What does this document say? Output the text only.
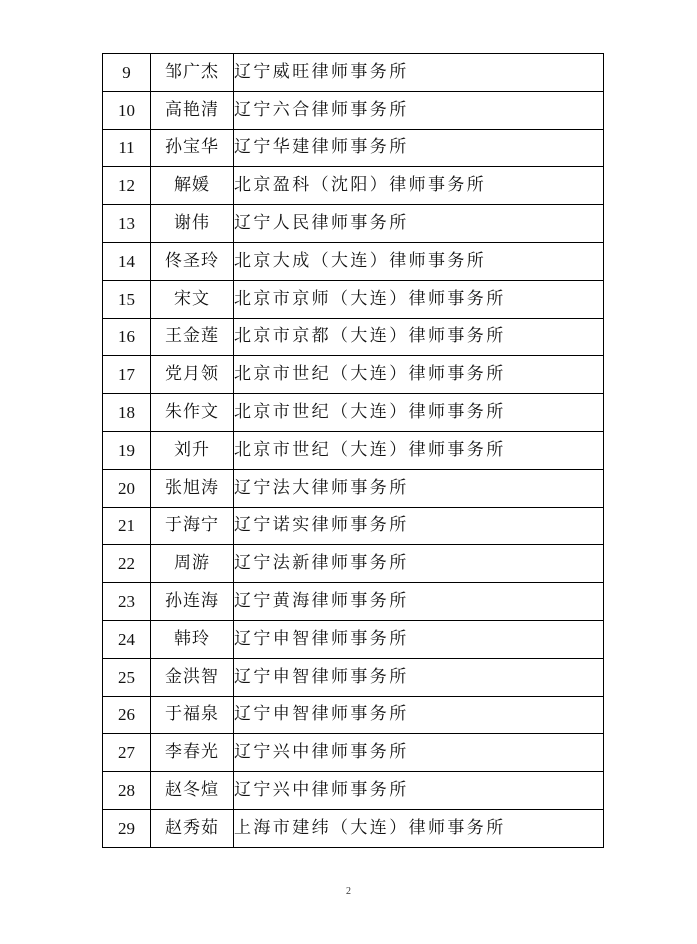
9	邹广杰	辽宁威旺律师事务所
10	高艳清	辽宁六合律师事务所
11	孙宝华	辽宁华建律师事务所
12	解媛	北京盈科（沈阳）律师事务所
13	谢伟	辽宁人民律师事务所
14	佟圣玲	北京大成（大连）律师事务所
15	宋文	北京市京师（大连）律师事务所
16	王金莲	北京市京都（大连）律师事务所
17	党月领	北京市世纪（大连）律师事务所
18	朱作文	北京市世纪（大连）律师事务所
19	刘升	北京市世纪（大连）律师事务所
20	张旭涛	辽宁法大律师事务所
21	于海宁	辽宁诺实律师事务所
22	周游	辽宁法新律师事务所
23	孙连海	辽宁黄海律师事务所
24	韩玲	辽宁申智律师事务所
25	金洪智	辽宁申智律师事务所
26	于福泉	辽宁申智律师事务所
27	李春光	辽宁兴中律师事务所
28	赵冬煊	辽宁兴中律师事务所
29	赵秀茹	上海市建纬（大连）律师事务所
2
